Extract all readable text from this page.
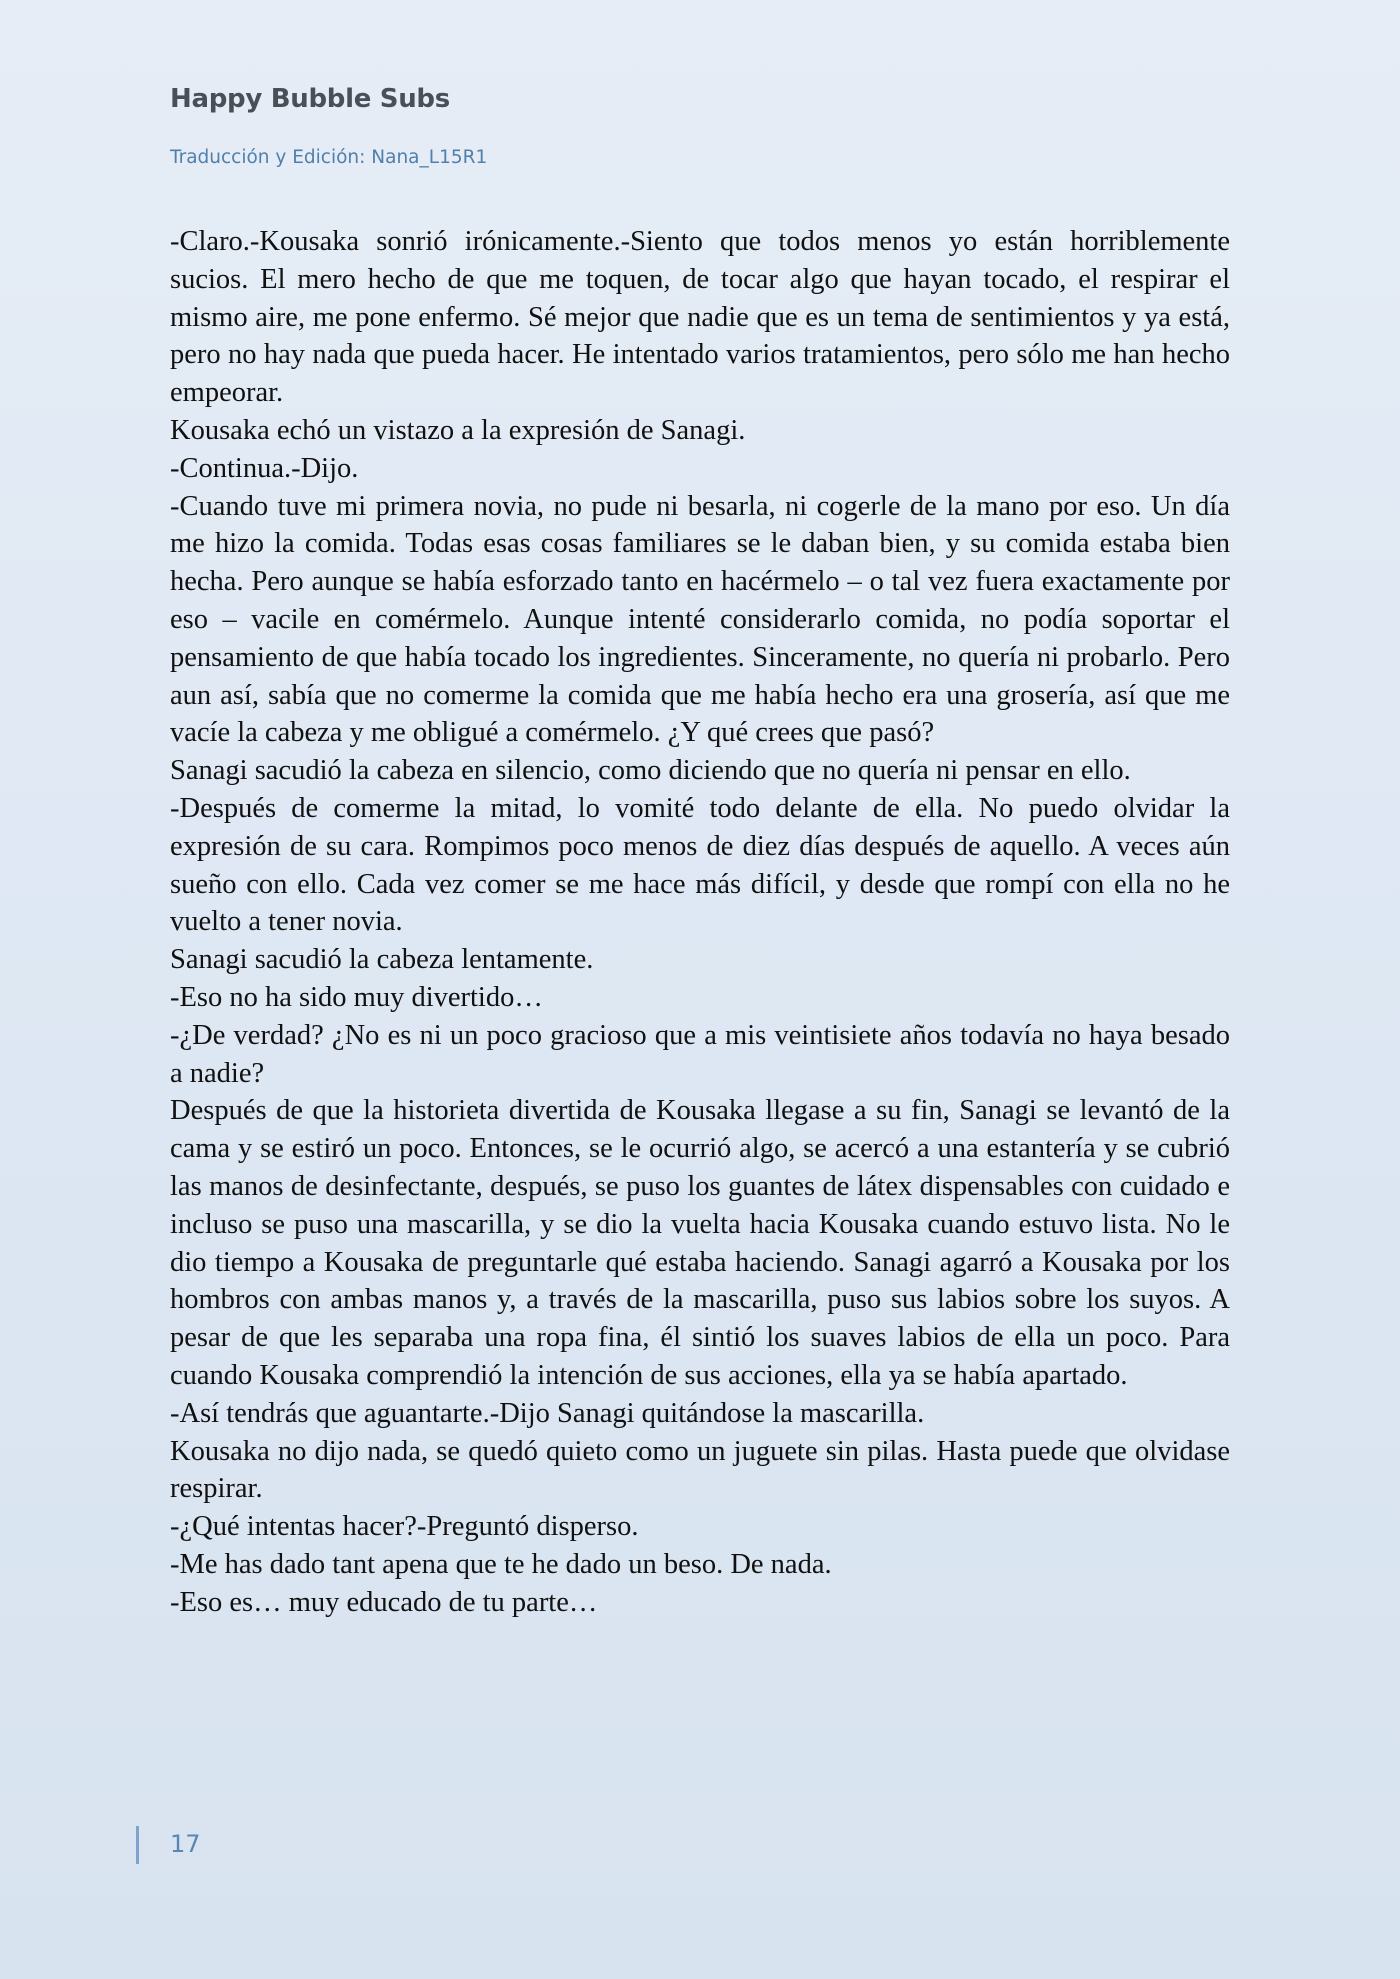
Happy Bubble Subs
Traducción y Edición: Nana_L15R1

-Claro.-Kousaka sonrió irónicamente.-Siento que todos menos yo están horriblemente sucios. El mero hecho de que me toquen, de tocar algo que hayan tocado, el respirar el mismo aire, me pone enfermo. Sé mejor que nadie que es un tema de sentimientos y ya está, pero no hay nada que pueda hacer. He intentado varios tratamientos, pero sólo me han hecho empeorar.

Kousaka echó un vistazo a la expresión de Sanagi.

-Continua.-Dijo.

-Cuando tuve mi primera novia, no pude ni besarla, ni cogerle de la mano por eso. Un día me hizo la comida. Todas esas cosas familiares se le daban bien, y su comida estaba bien hecha. Pero aunque se había esforzado tanto en hacérmelo – o tal vez fuera exactamente por eso – vacile en comérmelo. Aunque intenté considerarlo comida, no podía soportar el pensamiento de que había tocado los ingredientes. Sinceramente, no quería ni probarlo. Pero aun así, sabía que no comerme la comida que me había hecho era una grosería, así que me vacíe la cabeza y me obligué a comérmelo. ¿Y qué crees que pasó?

Sanagi sacudió la cabeza en silencio, como diciendo que no quería ni pensar en ello.

-Después de comerme la mitad, lo vomité todo delante de ella. No puedo olvidar la expresión de su cara. Rompimos poco menos de diez días después de aquello. A veces aún sueño con ello. Cada vez comer se me hace más difícil, y desde que rompí con ella no he vuelto a tener novia.

Sanagi sacudió la cabeza lentamente.

-Eso no ha sido muy divertido…

-¿De verdad? ¿No es ni un poco gracioso que a mis veintisiete años todavía no haya besado a nadie?

Después de que la historieta divertida de Kousaka llegase a su fin, Sanagi se levantó de la cama y se estiró un poco. Entonces, se le ocurrió algo, se acercó a una estantería y se cubrió las manos de desinfectante, después, se puso los guantes de látex dispensables con cuidado e incluso se puso una mascarilla, y se dio la vuelta hacia Kousaka cuando estuvo lista. No le dio tiempo a Kousaka de preguntarle qué estaba haciendo. Sanagi agarró a Kousaka por los hombros con ambas manos y, a través de la mascarilla, puso sus labios sobre los suyos. A pesar de que les separaba una ropa fina, él sintió los suaves labios de ella un poco. Para cuando Kousaka comprendió la intención de sus acciones, ella ya se había apartado.

-Así tendrás que aguantarte.-Dijo Sanagi quitándose la mascarilla.

Kousaka no dijo nada, se quedó quieto como un juguete sin pilas. Hasta puede que olvidase respirar.

-¿Qué intentas hacer?-Preguntó disperso.

-Me has dado tant apena que te he dado un beso. De nada.

-Eso es… muy educado de tu parte…

17
